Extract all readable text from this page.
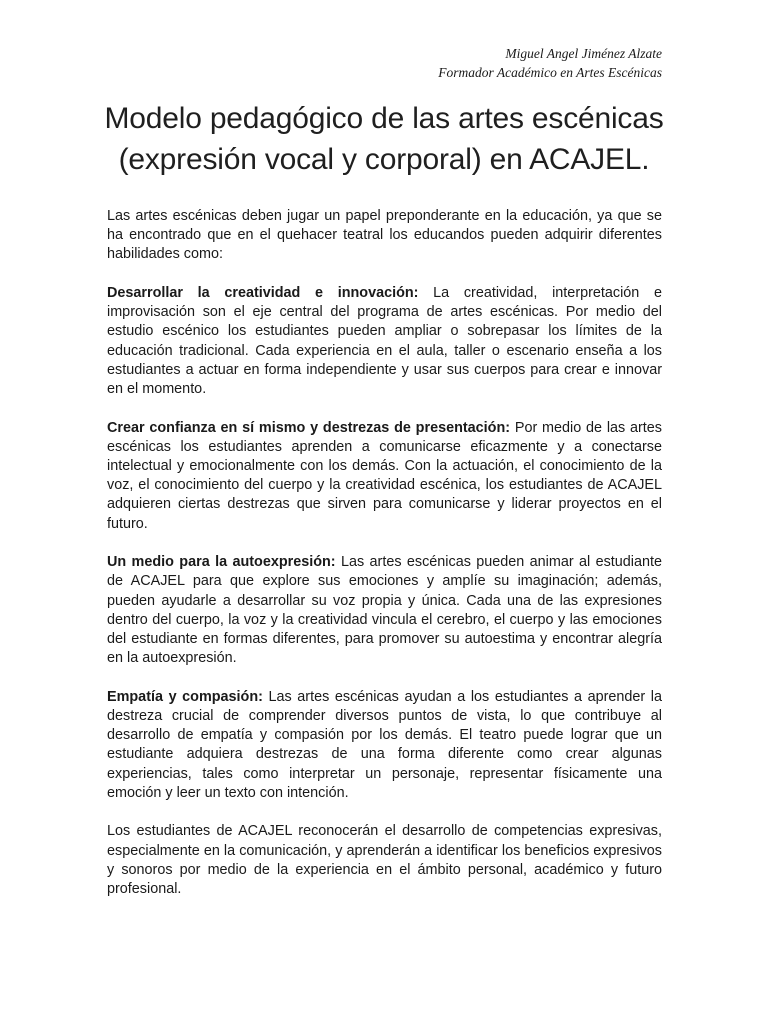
Miguel Angel Jiménez Alzate
Formador Académico en Artes Escénicas
Modelo pedagógico de las artes escénicas
(expresión vocal y corporal) en ACAJEL.

Las artes escénicas deben jugar un papel preponderante en la educación, ya que se ha encontrado que en el quehacer teatral los educandos pueden adquirir diferentes habilidades como:

Desarrollar la creatividad e innovación: La creatividad, interpretación e improvisación son el eje central del programa de artes escénicas. Por medio del estudio escénico los estudiantes pueden ampliar o sobrepasar los límites de la educación tradicional. Cada experiencia en el aula, taller o escenario enseña a los estudiantes a actuar en forma independiente y usar sus cuerpos para crear e innovar en el momento.

Crear confianza en sí mismo y destrezas de presentación: Por medio de las artes escénicas los estudiantes aprenden a comunicarse eficazmente y a conectarse intelectual y emocionalmente con los demás. Con la actuación, el conocimiento de la voz, el conocimiento del cuerpo y la creatividad escénica, los estudiantes de ACAJEL adquieren ciertas destrezas que sirven para comunicarse y liderar proyectos en el futuro.

Un medio para la autoexpresión: Las artes escénicas pueden animar al estudiante de ACAJEL para que explore sus emociones y amplíe su imaginación; además, pueden ayudarle a desarrollar su voz propia y única. Cada una de las expresiones dentro del cuerpo, la voz y la creatividad vincula el cerebro, el cuerpo y las emociones del estudiante en formas diferentes, para promover su autoestima y encontrar alegría en la autoexpresión.

Empatía y compasión: Las artes escénicas ayudan a los estudiantes a aprender la destreza crucial de comprender diversos puntos de vista, lo que contribuye al desarrollo de empatía y compasión por los demás. El teatro puede lograr que un estudiante adquiera destrezas de una forma diferente como crear algunas experiencias, tales como interpretar un personaje, representar físicamente una emoción y leer un texto con intención.

Los estudiantes de ACAJEL reconocerán el desarrollo de competencias expresivas, especialmente en la comunicación, y aprenderán a identificar los beneficios expresivos y sonoros por medio de la experiencia en el ámbito personal, académico y futuro profesional.
